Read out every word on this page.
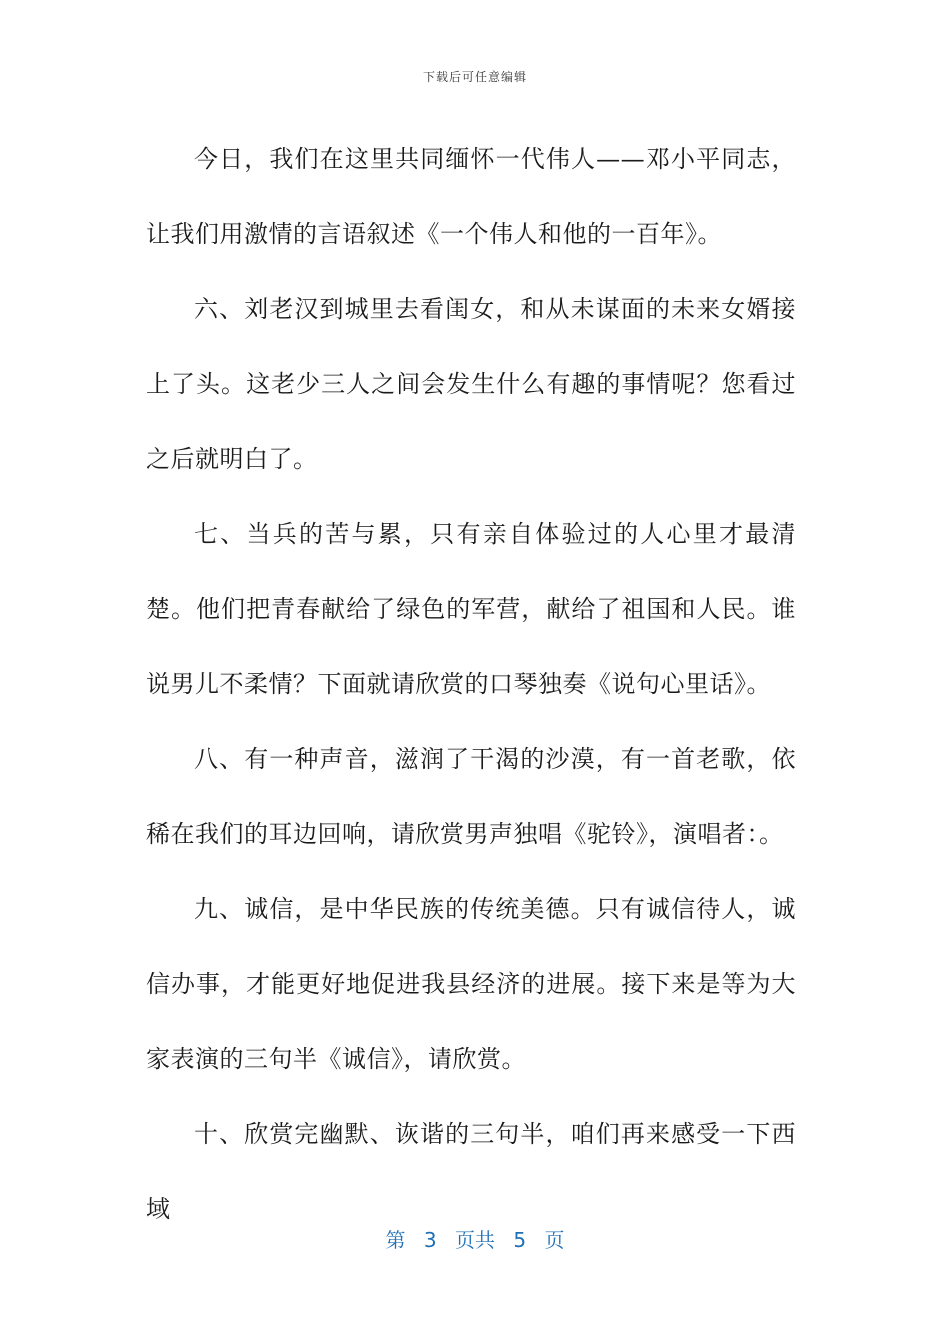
下载后可任意编辑

今日，我们在这里共同缅怀一代伟人——邓小平同志，让我们用激情的言语叙述《一个伟人和他的一百年》。

六、刘老汉到城里去看闺女，和从未谋面的未来女婿接上了头。这老少三人之间会发生什么有趣的事情呢？您看过之后就明白了。

七、当兵的苦与累，只有亲自体验过的人心里才最清楚。他们把青春献给了绿色的军营，献给了祖国和人民。谁说男儿不柔情？下面就请欣赏的口琴独奏《说句心里话》。

八、有一种声音，滋润了干渴的沙漠，有一首老歌，依稀在我们的耳边回响，请欣赏男声独唱《驼铃》，演唱者：。

九、诚信，是中华民族的传统美德。只有诚信待人，诚信办事，才能更好地促进我县经济的进展。接下来是等为大家表演的三句半《诚信》，请欣赏。

十、欣赏完幽默、诙谐的三句半，咱们再来感受一下西域

第 3 页共 5 页
